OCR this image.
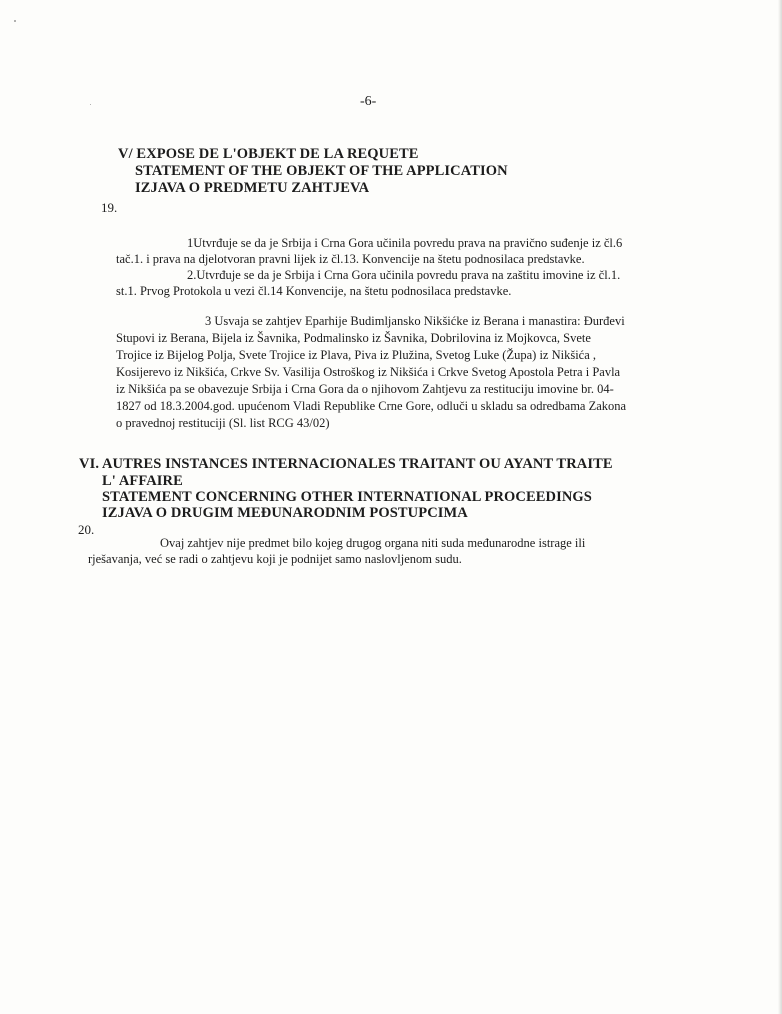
-6-
V/ EXPOSE DE L'OBJEKT DE LA REQUETE
STATEMENT OF THE OBJEKT OF THE APPLICATION
IZJAVA O PREDMETU ZAHTJEVA
19.
1Utvrđuje se da je Srbija i Crna Gora učinila povredu prava na pravično suđenje iz čl.6
tač.1. i prava na djelotvoran pravni lijek iz čl.13. Konvencije na štetu podnosilaca predstavke.
2.Utvrđuje se da je Srbija i Crna Gora učinila povredu prava na zaštitu imovine iz čl.1.
st.1. Prvog Protokola u vezi čl.14 Konvencije, na štetu podnosilaca predstavke.
3 Usvaja se zahtjev Eparhije Budimljansko Nikšićke iz Berana i manastira: Đurđevi
Stupovi iz Berana, Bijela iz Šavnika, Podmalinsko iz Šavnika, Dobrilovina iz Mojkovca, Svete
Trojice iz Bijelog Polja, Svete Trojice iz Plava, Piva iz Plužina, Svetog Luke (Župa) iz Nikšića ,
Kosijerevo iz Nikšića, Crkve Sv. Vasilija Ostroškog iz Nikšića i Crkve Svetog Apostola Petra i Pavla
iz Nikšića pa se obavezuje Srbija i Crna Gora da o njihovom Zahtjevu za restituciju imovine br. 04-
1827 od 18.3.2004.god. upućenom Vladi Republike Crne Gore, odluči u skladu sa odredbama Zakona
o pravednoj restituciji (Sl. list RCG 43/02)
VI. AUTRES INSTANCES INTERNACIONALES TRAITANT OU AYANT TRAITE
L' AFFAIRE
STATEMENT CONCERNING OTHER INTERNATIONAL PROCEEDINGS
IZJAVA O DRUGIM MEĐUNARODNIM POSTUPCIMA
20.
Ovaj zahtjev nije predmet bilo kojeg drugog organa niti suda međunarodne istrage ili
rješavanja, već se radi o zahtjevu koji je podnijet samo naslovljenom sudu.
